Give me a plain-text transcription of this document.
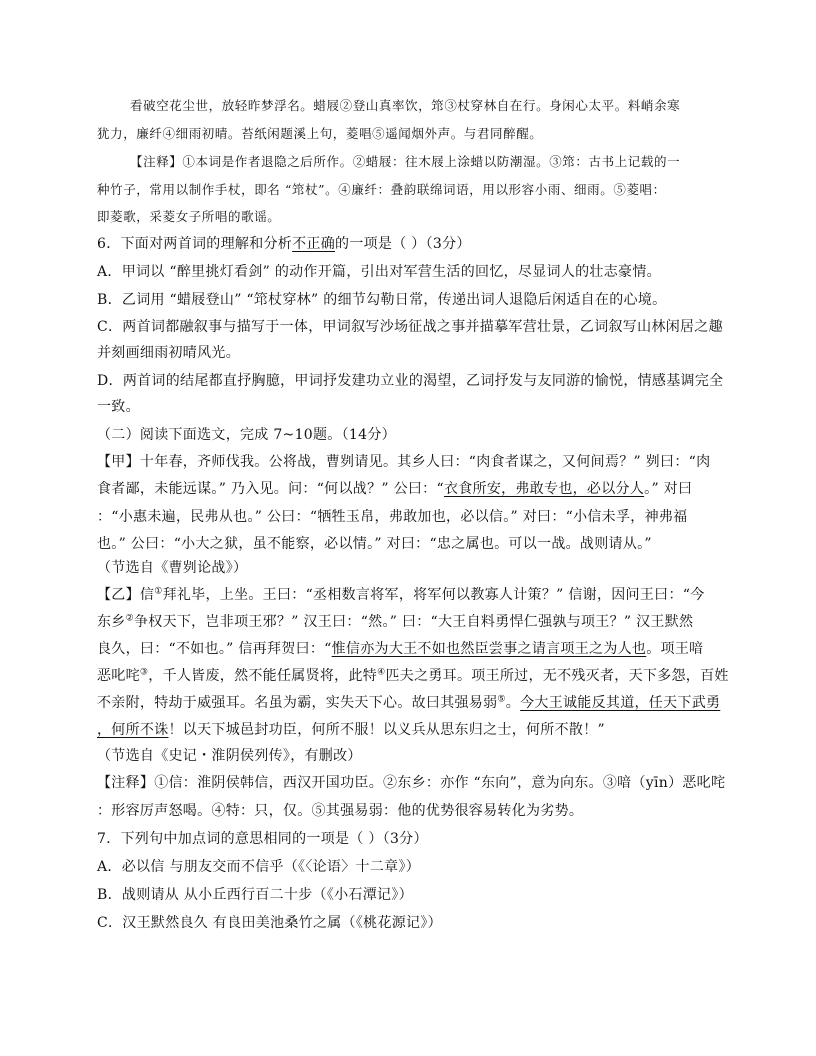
看破空花尘世，放轻昨梦浮名。蜡屐②登山真率饮，筇③杖穿林自在行。身闲心太平。料峭余寒
犹力，廉纤④细雨初晴。苔纸闲题溪上句，菱唱⑤遥闻烟外声。与君同醉醒。
【注释】①本词是作者退隐之后所作。②蜡屐：往木屐上涂蜡以防潮湿。③筇：古书上记载的一
种竹子，常用以制作手杖，即名 “筇杖”。④廉纤：叠韵联绵词语，用以形容小雨、细雨。⑤菱唱：
即菱歌，采菱女子所唱的歌谣。
6．下面对两首词的理解和分析不正确的一项是（ ）（3分）
A．甲词以 “醉里挑灯看剑” 的动作开篇，引出对军营生活的回忆，尽显词人的壮志豪情。
B．乙词用 “蜡屐登山” “筇杖穿林” 的细节勾勒日常，传递出词人退隐后闲适自在的心境。
C．两首词都融叙事与描写于一体，甲词叙写沙场征战之事并描摹军营壮景，乙词叙写山林闲居之趣
并刻画细雨初晴风光。
D．两首词的结尾都直抒胸臆，甲词抒发建功立业的渴望，乙词抒发与友同游的愉悦，情感基调完全
一致。
（二）阅读下面选文，完成 7~10题。（14分）
【甲】十年春，齐师伐我。公将战，曹刿请见。其乡人曰：“肉食者谋之，又何间焉？” 刿曰：“肉
食者鄙，未能远谋。” 乃入见。问：“何以战？” 公曰：“衣食所安，弗敢专也，必以分人。” 对曰
：“小惠未遍，民弗从也。” 公曰：“牺牲玉帛，弗敢加也，必以信。” 对曰：“小信未孚，神弗福
也。” 公曰：“小大之狱，虽不能察，必以情。” 对曰：“忠之属也。可以一战。战则请从。”
（节选自《曹刿论战》）
【乙】信①拜礼毕，上坐。王曰：“丞相数言将军，将军何以教寡人计策？” 信谢，因问王曰：“今
东乡②争权天下，岂非项王邪？” 汉王曰：“然。” 曰：“大王自料勇悍仁强孰与项王？” 汉王默然
良久，曰：“不如也。” 信再拜贺曰：“惟信亦为大王不如也然臣尝事之请言项王之为人也。项王喑
恶叱咤③，千人皆废，然不能任属贤将，此特④匹夫之勇耳。项王所过，无不残灭者，天下多怨，百姓
不亲附，特劫于威强耳。名虽为霸，实失天下心。故曰其强易弱⑤。今大王诚能反其道，任天下武勇
，何所不诛！以天下城邑封功臣，何所不服！以义兵从思东归之士，何所不散！”
（节选自《史记・淮阴侯列传》，有删改）
【注释】①信：淮阴侯韩信，西汉开国功臣。②东乡：亦作 “东向”，意为向东。③喑（yīn）恶叱咤
：形容厉声怒喝。④特：只，仅。⑤其强易弱：他的优势很容易转化为劣势。
7．下列句中加点词的意思相同的一项是（ ）（3分）
A．必以信 与朋友交而不信乎（《〈论语〉十二章》）
B．战则请从 从小丘西行百二十步（《小石潭记》）
C．汉王默然良久 有良田美池桑竹之属（《桃花源记》）
